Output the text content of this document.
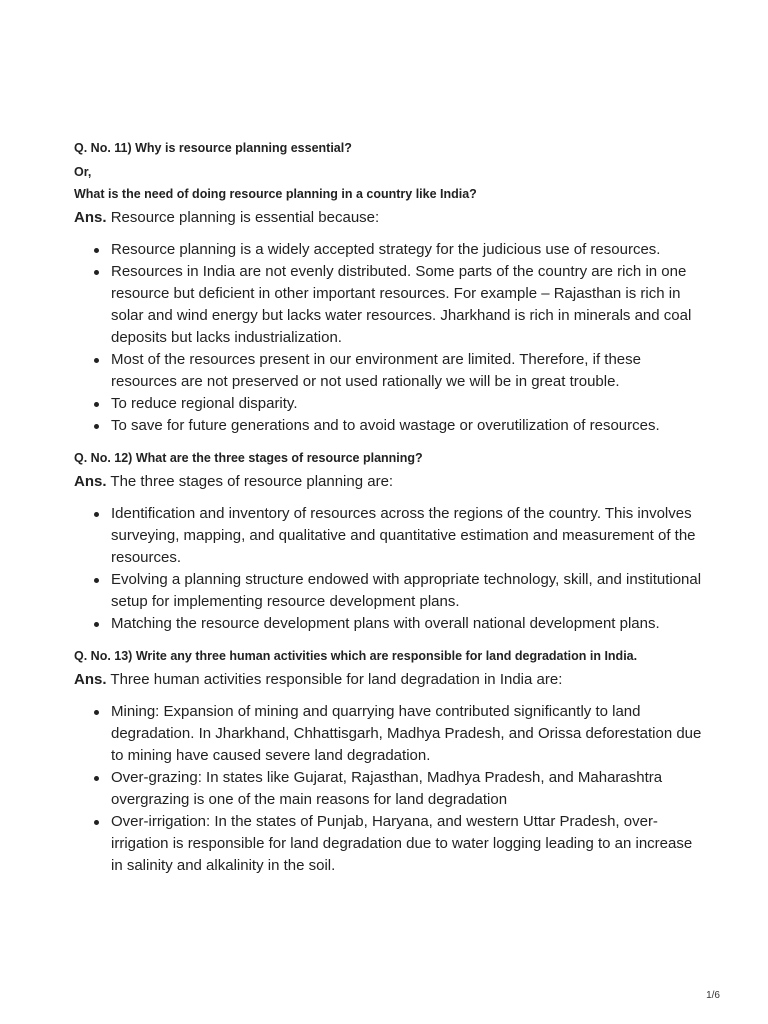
Q. No. 11) Why is resource planning essential?

Or,

What is the need of doing resource planning in a country like India?

Ans. Resource planning is essential because:

Resource planning is a widely accepted strategy for the judicious use of resources.
Resources in India are not evenly distributed. Some parts of the country are rich in one resource but deficient in other important resources. For example – Rajasthan is rich in solar and wind energy but lacks water resources. Jharkhand is rich in minerals and coal deposits but lacks industrialization.
Most of the resources present in our environment are limited. Therefore, if these resources are not preserved or not used rationally we will be in great trouble.
To reduce regional disparity.
To save for future generations and to avoid wastage or overutilization of resources.

Q. No. 12) What are the three stages of resource planning?

Ans. The three stages of resource planning are:

Identification and inventory of resources across the regions of the country. This involves surveying, mapping, and qualitative and quantitative estimation and measurement of the resources.
Evolving a planning structure endowed with appropriate technology, skill, and institutional setup for implementing resource development plans.
Matching the resource development plans with overall national development plans.

Q. No. 13) Write any three human activities which are responsible for land degradation in India.

Ans. Three human activities responsible for land degradation in India are:

Mining: Expansion of mining and quarrying have contributed significantly to land degradation. In Jharkhand, Chhattisgarh, Madhya Pradesh, and Orissa deforestation due to mining have caused severe land degradation.
Over-grazing: In states like Gujarat, Rajasthan, Madhya Pradesh, and Maharashtra overgrazing is one of the main reasons for land degradation
Over-irrigation: In the states of Punjab, Haryana, and western Uttar Pradesh, over-irrigation is responsible for land degradation due to water logging leading to an increase in salinity and alkalinity in the soil.
1/6
